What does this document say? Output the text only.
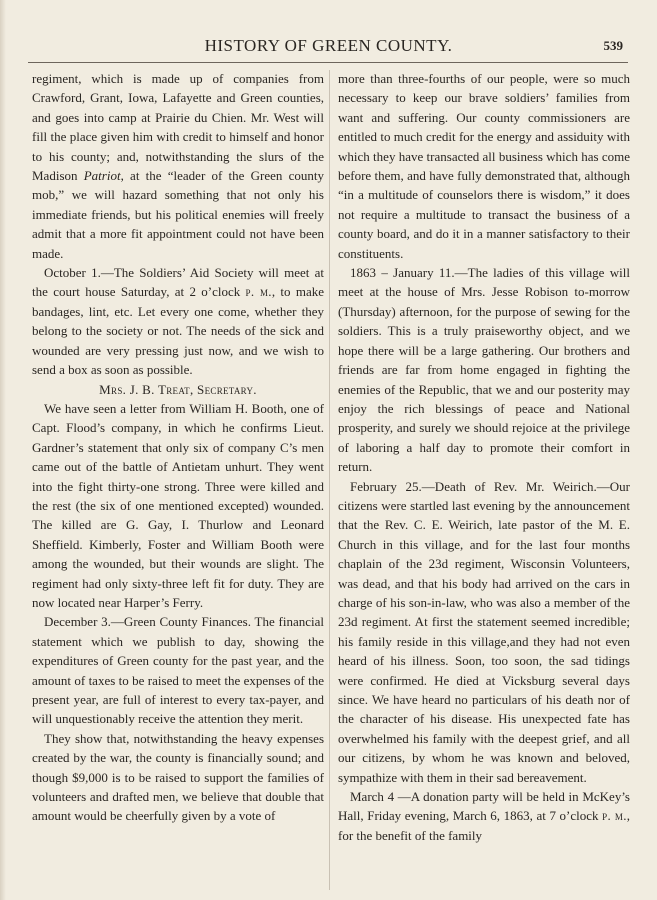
HISTORY OF GREEN COUNTY.	539

regiment, which is made up of companies from Crawford, Grant, Iowa, Lafayette and Green counties, and goes into camp at Prairie du Chien. Mr. West will fill the place given him with credit to himself and honor to his county; and, notwithstanding the slurs of the Madison Patriot, at the “leader of the Green county mob,” we will hazard something that not only his immediate friends, but his political enemies will freely admit that a more fit appointment could not have been made.

October 1.—The Soldiers’ Aid Society will meet at the court house Saturday, at 2 o’clock p. m., to make bandages, lint, etc. Let every one come, whether they belong to the society or not. The needs of the sick and wounded are very pressing just now, and we wish to send a box as soon as possible.

Mrs. J. B. Treat, Secretary.

We have seen a letter from William H. Booth, one of Capt. Flood’s company, in which he confirms Lieut. Gardner’s statement that only six of company C’s men came out of the battle of Antietam unhurt. They went into the fight thirty-one strong. Three were killed and the rest (the six of one mentioned excepted) wounded. The killed are G. Gay, I. Thurlow and Leonard Sheffield. Kimberly, Foster and William Booth were among the wounded, but their wounds are slight. The regiment had only sixty-three left fit for duty. They are now located near Harper’s Ferry.

December 3.—Green County Finances. The financial statement which we publish to day, showing the expenditures of Green county for the past year, and the amount of taxes to be raised to meet the expenses of the present year, are full of interest to every tax-payer, and will unquestionably receive the attention they merit.

They show that, notwithstanding the heavy expenses created by the war, the county is financially sound; and though $9,000 is to be raised to support the families of volunteers and drafted men, we believe that double that amount would be cheerfully given by a vote of

more than three-fourths of our people, were so much necessary to keep our brave soldiers’ families from want and suffering. Our county commissioners are entitled to much credit for the energy and assiduity with which they have transacted all business which has come before them, and have fully demonstrated that, although “in a multitude of counselors there is wisdom,” it does not require a multitude to transact the business of a county board, and do it in a manner satisfactory to their constituents.

1863 – January 11.—The ladies of this village will meet at the house of Mrs. Jesse Robison to-morrow (Thursday) afternoon, for the purpose of sewing for the soldiers. This is a truly praiseworthy object, and we hope there will be a large gathering. Our brothers and friends are far from home engaged in fighting the enemies of the Republic, that we and our posterity may enjoy the rich blessings of peace and National prosperity, and surely we should rejoice at the privilege of laboring a half day to promote their comfort in return.

February 25.—Death of Rev. Mr. Weirich.—Our citizens were startled last evening by the announcement that the Rev. C. E. Weirich, late pastor of the M. E. Church in this village, and for the last four months chaplain of the 23d regiment, Wisconsin Volunteers, was dead, and that his body had arrived on the cars in charge of his son-in-law, who was also a member of the 23d regiment. At first the statement seemed incredible; his family reside in this village,and they had not even heard of his illness. Soon, too soon, the sad tidings were confirmed. He died at Vicksburg several days since. We have heard no particulars of his death nor of the character of his disease. His unexpected fate has overwhelmed his family with the deepest grief, and all our citizens, by whom he was known and beloved, sympathize with them in their sad bereavement.

March 4 —A donation party will be held in McKey’s Hall, Friday evening, March 6, 1863, at 7 o’clock p. m., for the benefit of the family
